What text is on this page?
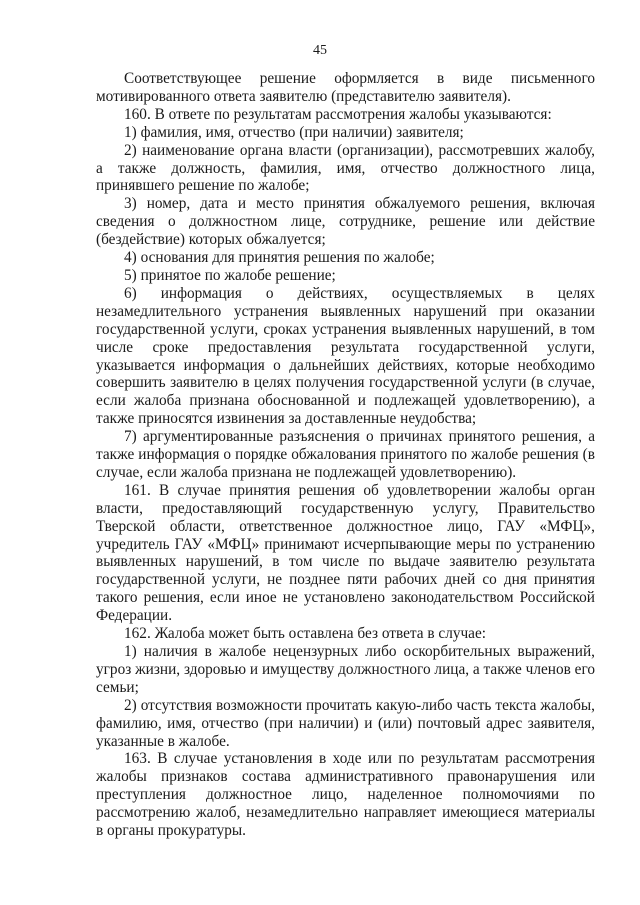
45

Соответствующее решение оформляется в виде письменного мотивированного ответа заявителю (представителю заявителя).

160. В ответе по результатам рассмотрения жалобы указываются:

1) фамилия, имя, отчество (при наличии) заявителя;

2) наименование органа власти (организации), рассмотревших жалобу, а также должность, фамилия, имя, отчество должностного лица, принявшего решение по жалобе;

3) номер, дата и место принятия обжалуемого решения, включая сведения о должностном лице, сотруднике, решение или действие (бездействие) которых обжалуется;

4) основания для принятия решения по жалобе;

5) принятое по жалобе решение;

6) информация о действиях, осуществляемых в целях незамедлительного устранения выявленных нарушений при оказании государственной услуги, сроках устранения выявленных нарушений, в том числе сроке предоставления результата государственной услуги, указывается информация о дальнейших действиях, которые необходимо совершить заявителю в целях получения государственной услуги (в случае, если жалоба признана обоснованной и подлежащей удовлетворению), а также приносятся извинения за доставленные неудобства;

7) аргументированные разъяснения о причинах принятого решения, а также информация о порядке обжалования принятого по жалобе решения (в случае, если жалоба признана не подлежащей удовлетворению).

161. В случае принятия решения об удовлетворении жалобы орган власти, предоставляющий государственную услугу, Правительство Тверской области, ответственное должностное лицо, ГАУ «МФЦ», учредитель ГАУ «МФЦ» принимают исчерпывающие меры по устранению выявленных нарушений, в том числе по выдаче заявителю результата государственной услуги, не позднее пяти рабочих дней со дня принятия такого решения, если иное не установлено законодательством Российской Федерации.

162. Жалоба может быть оставлена без ответа в случае:

1) наличия в жалобе нецензурных либо оскорбительных выражений, угроз жизни, здоровью и имуществу должностного лица, а также членов его семьи;

2) отсутствия возможности прочитать какую-либо часть текста жалобы, фамилию, имя, отчество (при наличии) и (или) почтовый адрес заявителя, указанные в жалобе.

163. В случае установления в ходе или по результатам рассмотрения жалобы признаков состава административного правонарушения или преступления должностное лицо, наделенное полномочиями по рассмотрению жалоб, незамедлительно направляет имеющиеся материалы в органы прокуратуры.
